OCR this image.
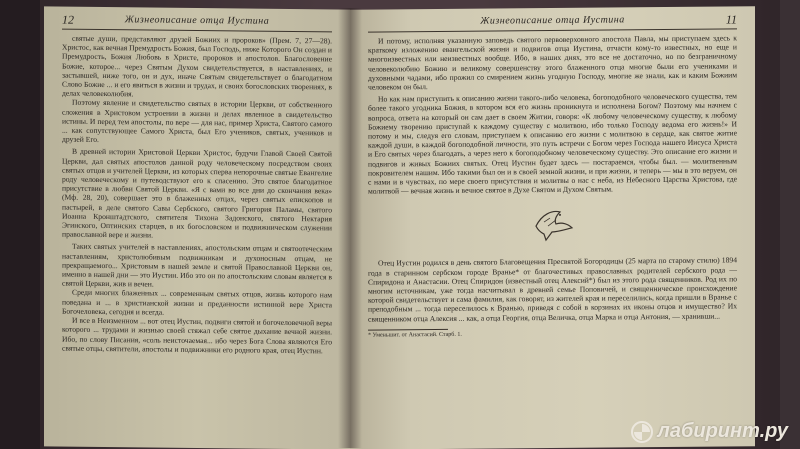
12	Жизнеописание отца Иустина

святые души, представляют друзей Божиих и пророков» (Прем. 7, 27—28). Христос, как вечная Премудрость Божия, был Господь, ниже Которого Он создан и Премудрость, Божия Любовь в Христе, пророков и апостолов. Благословение Божие, которое... через Святым Духом свидетельствуется, в наставлениях, и застывшей, ниже того, он и дух, иначе Святым свидетельствует о благодатном Слово Божие ... и его явиться в жизни и трудах, и своих богословских творениях, в делах человеколюбия.

Поэтому явление и свидетельство святых в истории Церкви, от собственного сложения в Христовом устроении в жизни и делах явленное в свидетельство истины. И перед тем апостолы, по вере — для нас, пример Христа, Святого самого ... как сопутствующее Самого Христа, был Его учеников, святых, учеников и друзей Его.

В древней истории Христовой Церкви Христос, будучи Главой Своей Святой Церкви, дал святых апостолов данной роду человеческому посредством своих святых отцов и учителей Церкви, из которых сперва непорочные святые Евангелие роду человеческому и путеводствуют его к спасению. Это святое благодатное присутствие в любви Святой Церкви. «Я с вами во все дни до скончания века» (Мф. 28, 20), совершает это в блаженных отцах, через святых епископов и пастырей, в деле святого Савы Сербского, святого Григория Паламы, святого Иоанна Кронштадтского, святителя Тихона Задонского, святого Нектария Эгинского, Оптинских старцев, в их богословском и подвижническом служении православной вере и жизни.

Таких святых учителей в наставлениях, апостольским отцам и святоотеческим наставлениям, христолюбивым подвижникам и духоносным отцам, не прекращаемого... Христовым в нашей земле и святой Православной Церкви он, именно в нашей дни — это Иустин. Ибо это он по апостольским словам является в святой Церкви, жив и вечен.

Среди многих блаженных ... современным святых отцов, жизнь которого нам поведана и ... в христианской жизни и преданности истинной вере Христа Богочеловека, сегодня и всегда.

И все в Неизменном ... вот отец Иустин, подвиги святой и богочеловечной веры которого ... трудами и жизнью своей стяжал себе святое дыхание вечной жизни. Ибо, по слову Писания, «соль неисточаемая... ибо через Бога Слова являются Его святые отцы, святители, апостолы и подвижники его родного края, отец Иустин.

Жизнеописание отца Иустина	11

И потому, исполняя указанную заповедь святого первоверховного апостола Павла, мы приступаем здесь к краткому изложению евангельской жизни и подвигов отца Иустина, отчасти кому-то известных, но еще и многоизвестных или неизвестных вообще. Ибо, в наших днях, это все не достаточно, но по безграничному человеколюбию Божию и великому совершенству этого блаженного отца многие были его учениками и духовными чадами, ибо прожил со смирением жизнь угодную Господу, многие же знали, как и каким Божиим человеком он был.

Но как нам приступить к описанию жизни такого-либо человека, богоподобного человеческого существа, тем более такого угодника Божия, в котором вся его жизнь проникнута и исполнена Богом? Поэтому мы начнем с вопроса, ответа на который он сам дает в своем Житии, говоря: «К любому человеческому существу, к любому Божиему творению приступай к каждому существу с молитвою, ибо только Господу ведома его жизнь!» И потому и мы, следуя его словам, приступаем к описанию его жизни с молитвою в сердце, как святое житие каждой души, в каждой богоподобной личности, это путь встречи с Богом через Господа нашего Иисуса Христа и Его святых через благодать, а через него к богоподобному человеческому существу. Это описание его жизни и подвигов и живых Божиих святых. Отец Иустин будет здесь — постараемся, чтобы был. — молитвенным покровителем нашим. Ибо такими был он и в своей земной жизни, и при жизни, и теперь — мы в это веруем, он с нами и в чувствах, по мере своего присутствия и молитвы о нас с неба, из Небесного Царства Христова, где молитвой — вечная жизнь и вечное святое в Духе Святом и Духом Святым.

Отец Иустин родился в день святого Благовещения Пресвятой Богородицы (25 марта по старому стилю) 1894 года в старинном сербском городе Вранье* от благочестивых православных родителей сербского рода — Спиридона и Анастасии. Отец Спиридон (известный отец Алексий*) был из этого рода священников. Род их по многим источникам, уже тогда насчитывал в древней семье Поповичей, и священническое происхождение которой свидетельствует и сама фамилия, как говорят, из жителей края и переселились, когда пришли в Вранье с преподобным ... тогда переселилось к Вранью, приведя с собой в корзинах их иконы отцов и имущество? Их священником отца Алексия ... как, а отца Георгия, отца Величка, отца Марка и отца Антония, — хранивши...

* Уменьшит. от Анастасий. Старб. 1.
лабиринт.ру
